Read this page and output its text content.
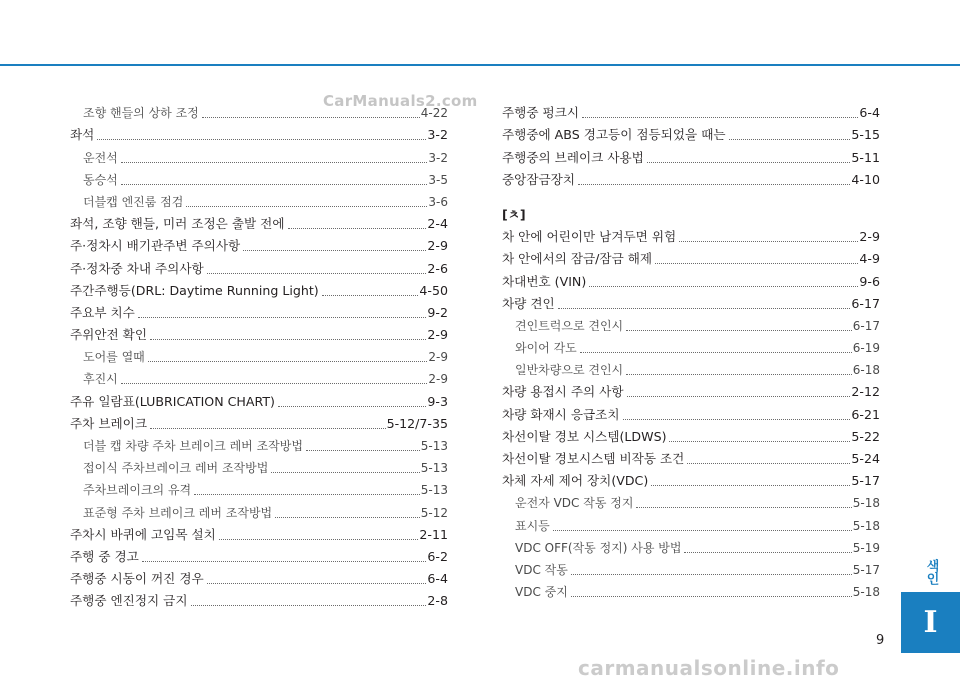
조향 핸들의 상하 조정	4-22
좌석	3-2
운전석	3-2
동승석	3-5
더블캡 엔진룸 점검	3-6
좌석, 조향 핸들, 미러 조정은 출발 전에	2-4
주·정차시 배기관주변 주의사항	2-9
주·정차중 차내 주의사항	2-6
주간주행등(DRL: Daytime Running Light)	4-50
주요부 치수	9-2
주위안전 확인	2-9
도어를 열때	2-9
후진시	2-9
주유 일람표(LUBRICATION CHART)	9-3
주차 브레이크	5-12/7-35
더블 캡 차량 주차 브레이크 레버 조작방법	5-13
접이식 주차브레이크 레버 조작방법	5-13
주차브레이크의 유격	5-13
표준형 주차 브레이크 레버 조작방법	5-12
주차시 바퀴에 고임목 설치	2-11
주행 중 경고	6-2
주행중 시동이 꺼진 경우	6-4
주행중 엔진정지 금지	2-8
주행중 펑크시	6-4
주행중에 ABS 경고등이 점등되었을 때는	5-15
주행중의 브레이크 사용법	5-11
중앙잠금장치	4-10
[ㅊ]
차 안에 어린이만 남겨두면 위험	2-9
차 안에서의 잠금/잠금 해제	4-9
차대번호 (VIN)	9-6
차량 견인	6-17
견인트럭으로 견인시	6-17
와이어 각도	6-19
일반차량으로 견인시	6-18
차량 용접시 주의 사항	2-12
차량 화재시 응급조치	6-21
차선이탈 경보 시스템(LDWS)	5-22
차선이탈 경보시스템 비작동 조건	5-24
차체 자세 제어 장치(VDC)	5-17
운전자 VDC 작동 정지	5-18
표시등	5-18
VDC OFF(작동 정지) 사용 방법	5-19
VDC 작동	5-17
VDC 중지	5-18
CarManuals2.com
carmanualsonline.info
색인
I
9
